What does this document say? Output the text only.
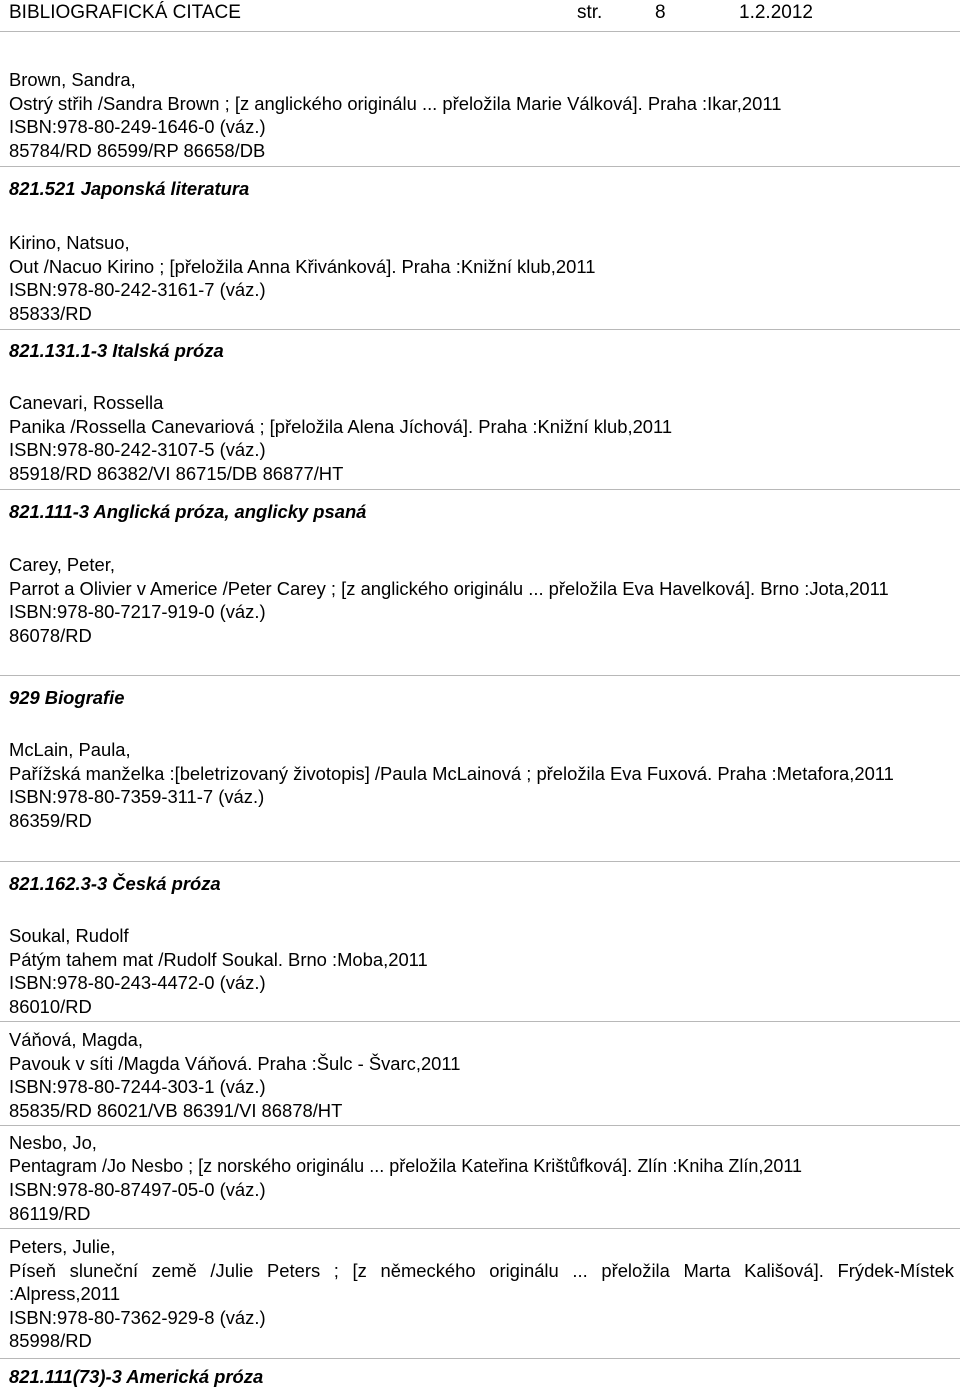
BIBLIOGRAFICKÁ CITACE	str.	8	1.2.2012
Brown, Sandra,
Ostrý střih /Sandra Brown ; [z anglického originálu ... přeložila Marie Válková]. Praha :Ikar,2011
ISBN:978-80-249-1646-0 (váz.)
85784/RD 86599/RP 86658/DB
821.521 Japonská literatura
Kirino, Natsuo,
Out /Nacuo Kirino ; [přeložila Anna Křivánková]. Praha :Knižní klub,2011
ISBN:978-80-242-3161-7 (váz.)
85833/RD
821.131.1-3 Italská próza
Canevari, Rossella
Panika /Rossella Canevariová ; [přeložila Alena Jíchová]. Praha :Knižní klub,2011
ISBN:978-80-242-3107-5 (váz.)
85918/RD 86382/VI 86715/DB 86877/HT
821.111-3 Anglická próza, anglicky psaná
Carey, Peter,
Parrot a Olivier v Americe /Peter Carey ; [z anglického originálu ... přeložila Eva Havelková]. Brno :Jota,2011
ISBN:978-80-7217-919-0 (váz.)
86078/RD
929 Biografie
McLain, Paula,
Pařížská manželka :[beletrizovaný životopis] /Paula McLainová ; přeložila Eva Fuxová. Praha :Metafora,2011
ISBN:978-80-7359-311-7 (váz.)
86359/RD
821.162.3-3 Česká próza
Soukal, Rudolf
Pátým tahem mat /Rudolf Soukal. Brno :Moba,2011
ISBN:978-80-243-4472-0 (váz.)
86010/RD
Váňová, Magda,
Pavouk v síti /Magda Váňová. Praha :Šulc - Švarc,2011
ISBN:978-80-7244-303-1 (váz.)
85835/RD 86021/VB 86391/VI 86878/HT
Nesbo, Jo,
Pentagram /Jo Nesbo ; [z norského originálu ... přeložila Kateřina Krištůfková]. Zlín :Kniha Zlín,2011
ISBN:978-80-87497-05-0 (váz.)
86119/RD
Peters, Julie,
Píseň sluneční země /Julie Peters ; [z německého originálu ... přeložila Marta Kališová]. Frýdek-Místek :Alpress,2011
ISBN:978-80-7362-929-8 (váz.)
85998/RD
821.111(73)-3 Americká próza
